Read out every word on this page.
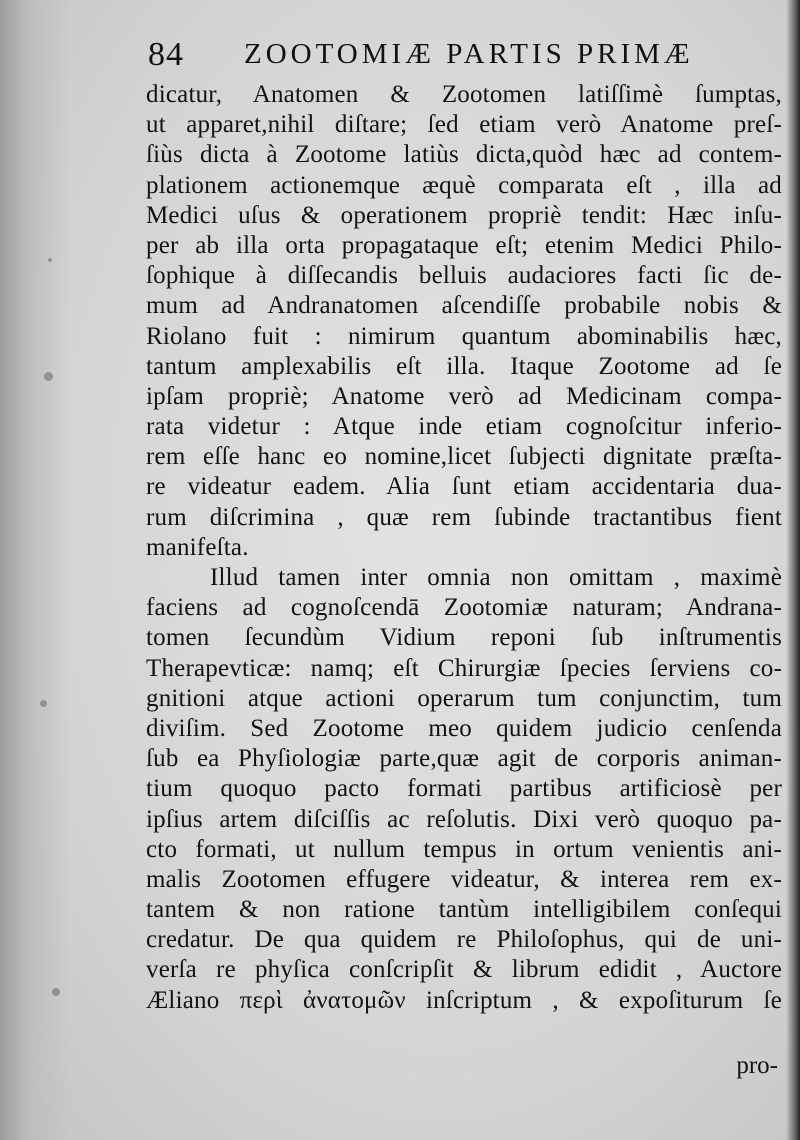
84 ZOOTOMIÆ PARTIS PRIMÆ
dicatur, Anatomen & Zootomen latiſſimè ſumptas,
ut apparet,nihil diſtare; ſed etiam verò Anatome preſ-
ſiùs dicta à Zootome latiùs dicta,quòd hæc ad contem-
plationem actionemque æquè comparata eſt , illa ad
Medici uſus & operationem propriè tendit: Hæc inſu-
per ab illa orta propagataque eſt; etenim Medici Philo-
ſophique à diſſecandis belluis audaciores facti ſic de-
mum ad Andranatomen aſcendiſſe probabile nobis &
Riolano fuit : nimirum quantum abominabilis hæc,
tantum amplexabilis eſt illa. Itaque Zootome ad ſe
ipſam propriè; Anatome verò ad Medicinam compa-
rata videtur : Atque inde etiam cognoſcitur inferio-
rem eſſe hanc eo nomine,licet ſubjecti dignitate præſta-
re videatur eadem. Alia ſunt etiam accidentaria dua-
rum diſcrimina , quæ rem ſubinde tractantibus fient
manifeſta.
Illud tamen inter omnia non omittam , maximè
faciens ad cognoſcendā Zootomiæ naturam; Andrana-
tomen ſecundùm Vidium reponi ſub inſtrumentis
Therapevticæ: namq; eſt Chirurgiæ ſpecies ſerviens co-
gnitioni atque actioni operarum tum conjunctim, tum
diviſim. Sed Zootome meo quidem judicio cenſenda
ſub ea Phyſiologiæ parte,quæ agit de corporis animan-
tium quoquo pacto formati partibus artificiosè per
ipſius artem diſciſſis ac reſolutis. Dixi verò quoquo pa-
cto formati, ut nullum tempus in ortum venientis ani-
malis Zootomen effugere videatur, & interea rem ex-
tantem & non ratione tantùm intelligibilem conſequi
credatur. De qua quidem re Philoſophus, qui de uni-
verſa re phyſica conſcripſit & librum edidit , Auctore
Æliano περὶ ἀνατομῶν inſcriptum , & expoſiturum ſe
pro-
